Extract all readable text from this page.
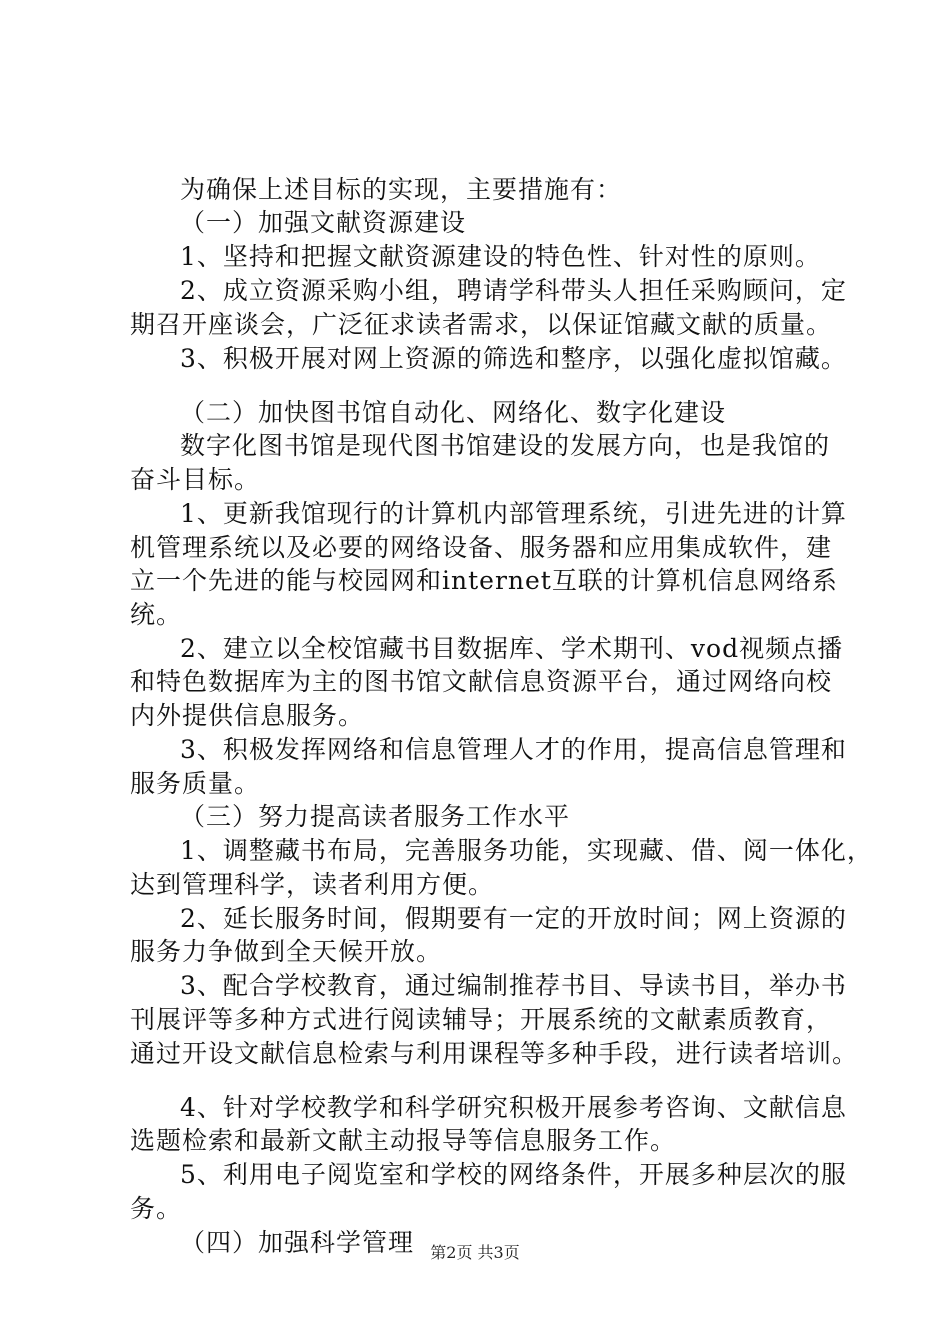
为确保上述目标的实现，主要措施有：
（一）加强文献资源建设
1、坚持和把握文献资源建设的特色性、针对性的原则。
2、成立资源采购小组，聘请学科带头人担任采购顾问，定
期召开座谈会，广泛征求读者需求，以保证馆藏文献的质量。
3、积极开展对网上资源的筛选和整序，以强化虚拟馆藏。
（二）加快图书馆自动化、网络化、数字化建设
数字化图书馆是现代图书馆建设的发展方向，也是我馆的
奋斗目标。
1、更新我馆现行的计算机内部管理系统，引进先进的计算
机管理系统以及必要的网络设备、服务器和应用集成软件，建
立一个先进的能与校园网和internet互联的计算机信息网络系
统。
2、建立以全校馆藏书目数据库、学术期刊、vod视频点播
和特色数据库为主的图书馆文献信息资源平台，通过网络向校
内外提供信息服务。
3、积极发挥网络和信息管理人才的作用，提高信息管理和
服务质量。
（三）努力提高读者服务工作水平
1、调整藏书布局，完善服务功能，实现藏、借、阅一体化，
达到管理科学，读者利用方便。
2、延长服务时间，假期要有一定的开放时间；网上资源的
服务力争做到全天候开放。
3、配合学校教育，通过编制推荐书目、导读书目，举办书
刊展评等多种方式进行阅读辅导；开展系统的文献素质教育，
通过开设文献信息检索与利用课程等多种手段，进行读者培训。
4、针对学校教学和科学研究积极开展参考咨询、文献信息
选题检索和最新文献主动报导等信息服务工作。
5、利用电子阅览室和学校的网络条件，开展多种层次的服
务。
（四）加强科学管理	第2页 共3页
